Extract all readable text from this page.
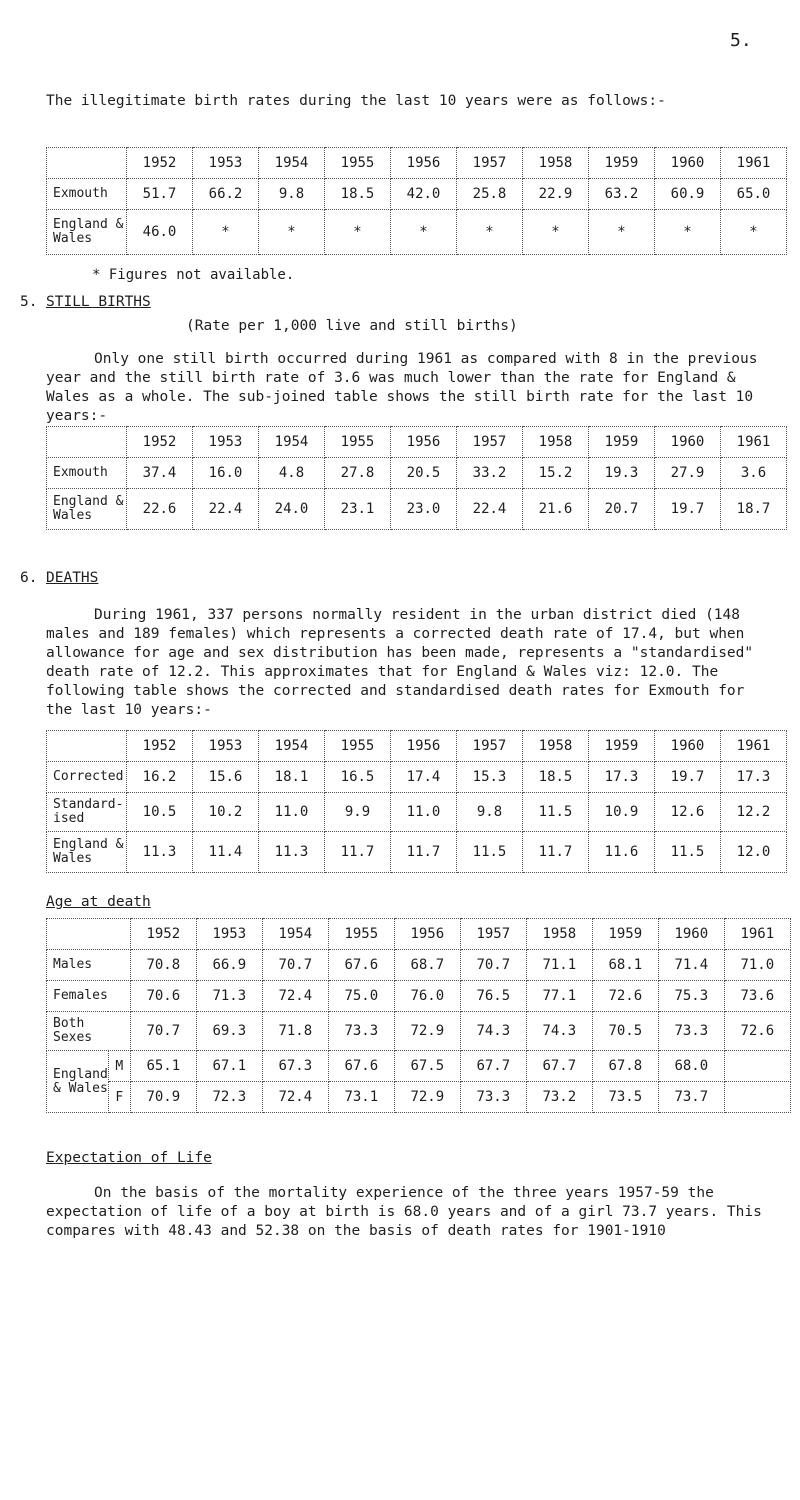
5.
The illegitimate birth rates during the last 10 years were as follows:-
	1952	1953	1954	1955	1956	1957	1958	1959	1960	1961
Exmouth	51.7	66.2	9.8	18.5	42.0	25.8	22.9	63.2	60.9	65.0
England & Wales	46.0	*	*	*	*	*	*	*	*	*
* Figures not available.
5. STILL BIRTHS
(Rate per 1,000 live and still births)
Only one still birth occurred during 1961 as compared with 8 in the previous year and the still birth rate of 3.6 was much lower than the rate for England & Wales as a whole. The sub-joined table shows the still birth rate for the last 10 years:-
	1952	1953	1954	1955	1956	1957	1958	1959	1960	1961
Exmouth	37.4	16.0	4.8	27.8	20.5	33.2	15.2	19.3	27.9	3.6
England & Wales	22.6	22.4	24.0	23.1	23.0	22.4	21.6	20.7	19.7	18.7
6. DEATHS
During 1961, 337 persons normally resident in the urban district died (148 males and 189 females) which represents a corrected death rate of 17.4, but when allowance for age and sex distribution has been made, represents a "standardised" death rate of 12.2. This approximates that for England & Wales viz: 12.0. The following table shows the corrected and standardised death rates for Exmouth for the last 10 years:-
	1952	1953	1954	1955	1956	1957	1958	1959	1960	1961
Corrected	16.2	15.6	18.1	16.5	17.4	15.3	18.5	17.3	19.7	17.3
Standard-ised	10.5	10.2	11.0	9.9	11.0	9.8	11.5	10.9	12.6	12.2
England & Wales	11.3	11.4	11.3	11.7	11.7	11.5	11.7	11.6	11.5	12.0
Age at death
		1952	1953	1954	1955	1956	1957	1958	1959	1960	1961
Males		70.8	66.9	70.7	67.6	68.7	70.7	71.1	68.1	71.4	71.0
Females		70.6	71.3	72.4	75.0	76.0	76.5	77.1	72.6	75.3	73.6
Both Sexes		70.7	69.3	71.8	73.3	72.9	74.3	74.3	70.5	73.3	72.6
England & Wales	M	65.1	67.1	67.3	67.6	67.5	67.7	67.7	67.8	68.0	
	F	70.9	72.3	72.4	73.1	72.9	73.3	73.2	73.5	73.7	
Expectation of Life
On the basis of the mortality experience of the three years 1957-59 the expectation of life of a boy at birth is 68.0 years and of a girl 73.7 years. This compares with 48.43 and 52.38 on the basis of death rates for 1901-1910
